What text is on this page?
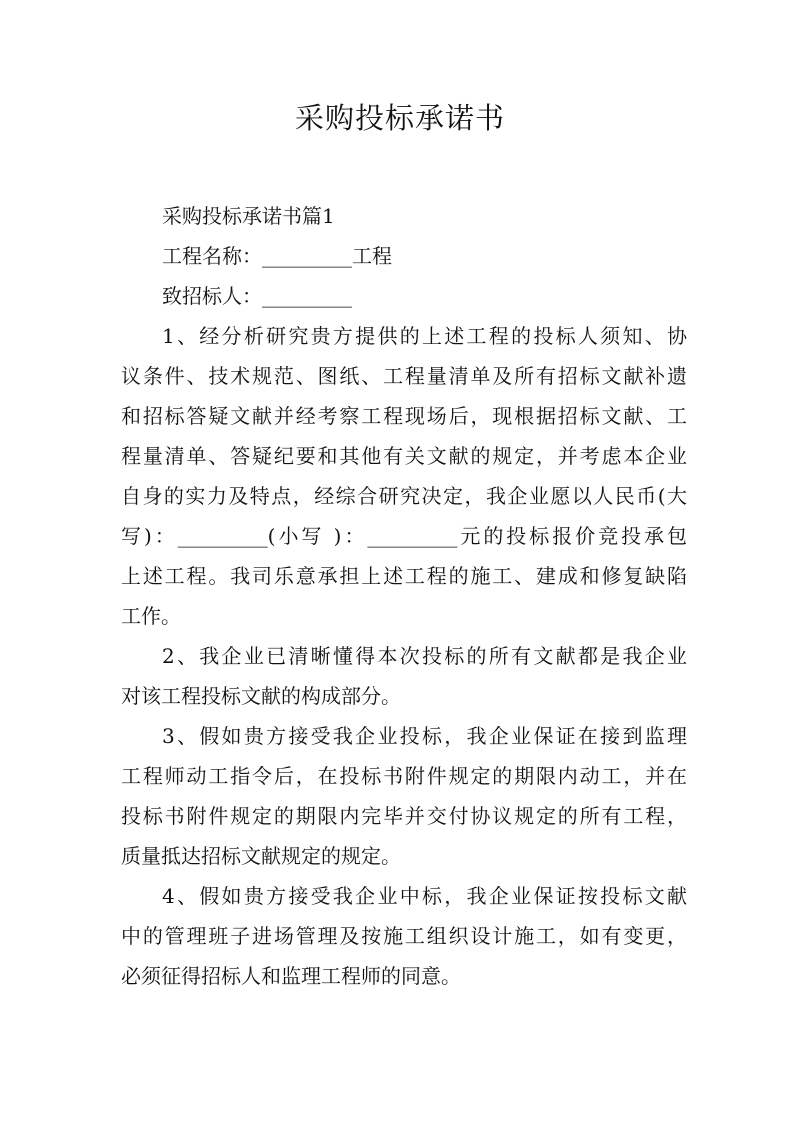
采购投标承诺书
采购投标承诺书篇1
工程名称：_________工程
致招标人：_________
1、经分析研究贵方提供的上述工程的投标人须知、协
议条件、技术规范、图纸、工程量清单及所有招标文献补遗
和招标答疑文献并经考察工程现场后，现根据招标文献、工
程量清单、答疑纪要和其他有关文献的规定，并考虑本企业
自身的实力及特点，经综合研究决定，我企业愿以人民币(大
写)：_________(小写 )：_________元的投标报价竞投承包
上述工程。我司乐意承担上述工程的施工、建成和修复缺陷
工作。
2、我企业已清晰懂得本次投标的所有文献都是我企业
对该工程投标文献的构成部分。
3、假如贵方接受我企业投标，我企业保证在接到监理
工程师动工指令后，在投标书附件规定的期限内动工，并在
投标书附件规定的期限内完毕并交付协议规定的所有工程，
质量抵达招标文献规定的规定。
4、假如贵方接受我企业中标，我企业保证按投标文献
中的管理班子进场管理及按施工组织设计施工，如有变更，
必须征得招标人和监理工程师的同意。
